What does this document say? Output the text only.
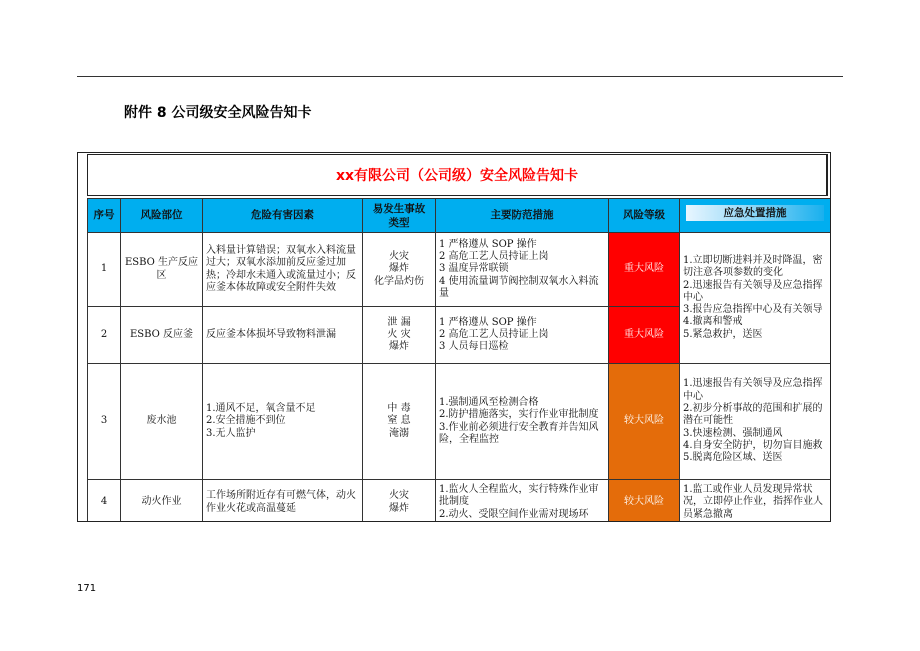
附件 8 公司级安全风险告知卡
xx有限公司（公司级）安全风险告知卡
序号	风险部位	危险有害因素	易发生事故类型	主要防范措施	风险等级	应急处置措施

1	ESBO 生产反应区	入料量计算错误；双氧水入料流量过大；双氧水添加前反应釜过加热；冷却水未通入或流量过小；反应釜本体故障或安全附件失效	火灾
爆炸
化学品灼伤	1 严格遵从 SOP 操作
2 高危工艺人员持证上岗
3 温度异常联锁
4 使用流量调节阀控制双氧水入料流量	重大风险	1.立即切断进料并及时降温，密切注意各项参数的变化
2.迅速报告有关领导及应急指挥中心
3.报告应急指挥中心及有关领导
4.撤离和警戒
5.紧急救护，送医

2	ESBO 反应釜	反应釜本体损坏导致物料泄漏	泄 漏
火 灾
爆炸	1 严格遵从 SOP 操作
2 高危工艺人员持证上岗
3 人员每日巡检	重大风险	
3	废水池	1.通风不足，氧含量不足
2.安全措施不到位
3.无人监护	中 毒
窒 息
淹溺	1.强制通风至检测合格
2.防护措施落实，实行作业审批制度
3.作业前必须进行安全教育并告知风险，全程监控	较大风险	1.迅速报告有关领导及应急指挥中心
2.初步分析事故的范围和扩展的潜在可能性
3.快速检测、强制通风
4.自身安全防护，切勿盲目施救
5.脱离危险区域、送医

4	动火作业	工作场所附近存有可燃气体，动火作业火花或高温蔓延	火灾
爆炸	1.监火人全程监火，实行特殊作业审批制度
2.动火、受限空间作业需对现场环	较大风险	1.监工或作业人员发现异常状况，立即停止作业，指挥作业人员紧急撤离
171
